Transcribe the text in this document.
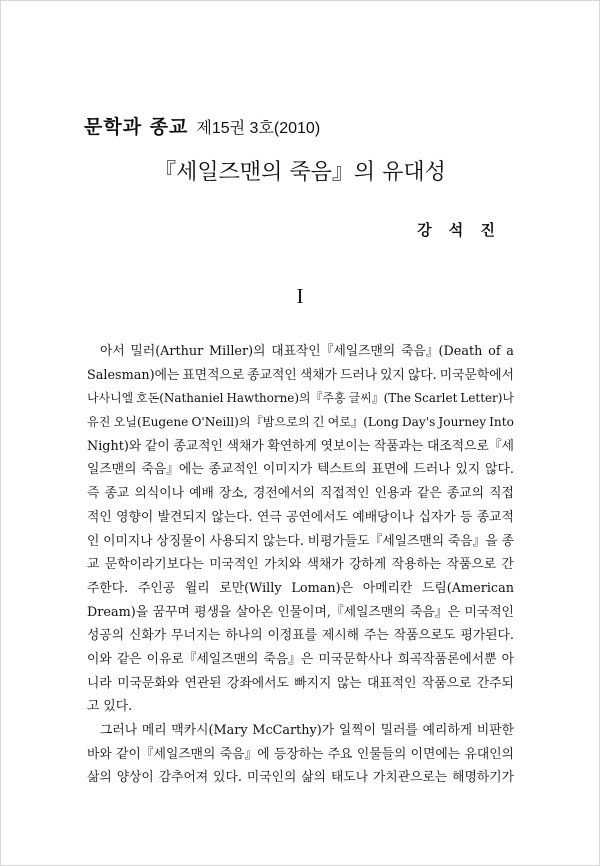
문학과 종교 제15권 3호(2010)
『세일즈맨의 죽음』의 유대성
강 석 진
I
아서 밀러(Arthur Miller)의 대표작인『세일즈맨의 죽음』(Death of a
Salesman)에는 표면적으로 종교적인 색채가 드러나 있지 않다. 미국문학에서
나사니엘 호돈(Nathaniel Hawthorne)의『주홍 글씨』(The Scarlet Letter)나
유진 오닐(Eugene O'Neill)의『밤으로의 긴 여로』(Long Day's Journey Into
Night)와 같이 종교적인 색채가 확연하게 엿보이는 작품과는 대조적으로『세
일즈맨의 죽음』에는 종교적인 이미지가 텍스트의 표면에 드러나 있지 않다.
즉 종교 의식이나 예배 장소, 경전에서의 직접적인 인용과 같은 종교의 직접
적인 영향이 발견되지 않는다. 연극 공연에서도 예배당이나 십자가 등 종교적
인 이미지나 상징물이 사용되지 않는다. 비평가들도『세일즈맨의 죽음』을 종
교 문학이라기보다는 미국적인 가치와 색채가 강하게 작용하는 작품으로 간
주한다. 주인공 윌리 로만(Willy Loman)은 아메리칸 드림(American
Dream)을 꿈꾸며 평생을 살아온 인물이며,『세일즈맨의 죽음』은 미국적인
성공의 신화가 무너지는 하나의 이정표를 제시해 주는 작품으로도 평가된다.
이와 같은 이유로『세일즈맨의 죽음』은 미국문학사나 희곡작품론에서뿐 아
니라 미국문화와 연관된 강좌에서도 빠지지 않는 대표적인 작품으로 간주되
고 있다.
그러나 메리 맥카시(Mary McCarthy)가 일찍이 밀러를 예리하게 비판한
바와 같이『세일즈맨의 죽음』에 등장하는 주요 인물들의 이면에는 유대인의
삶의 양상이 감추어져 있다. 미국인의 삶의 태도나 가치관으로는 해명하기가
